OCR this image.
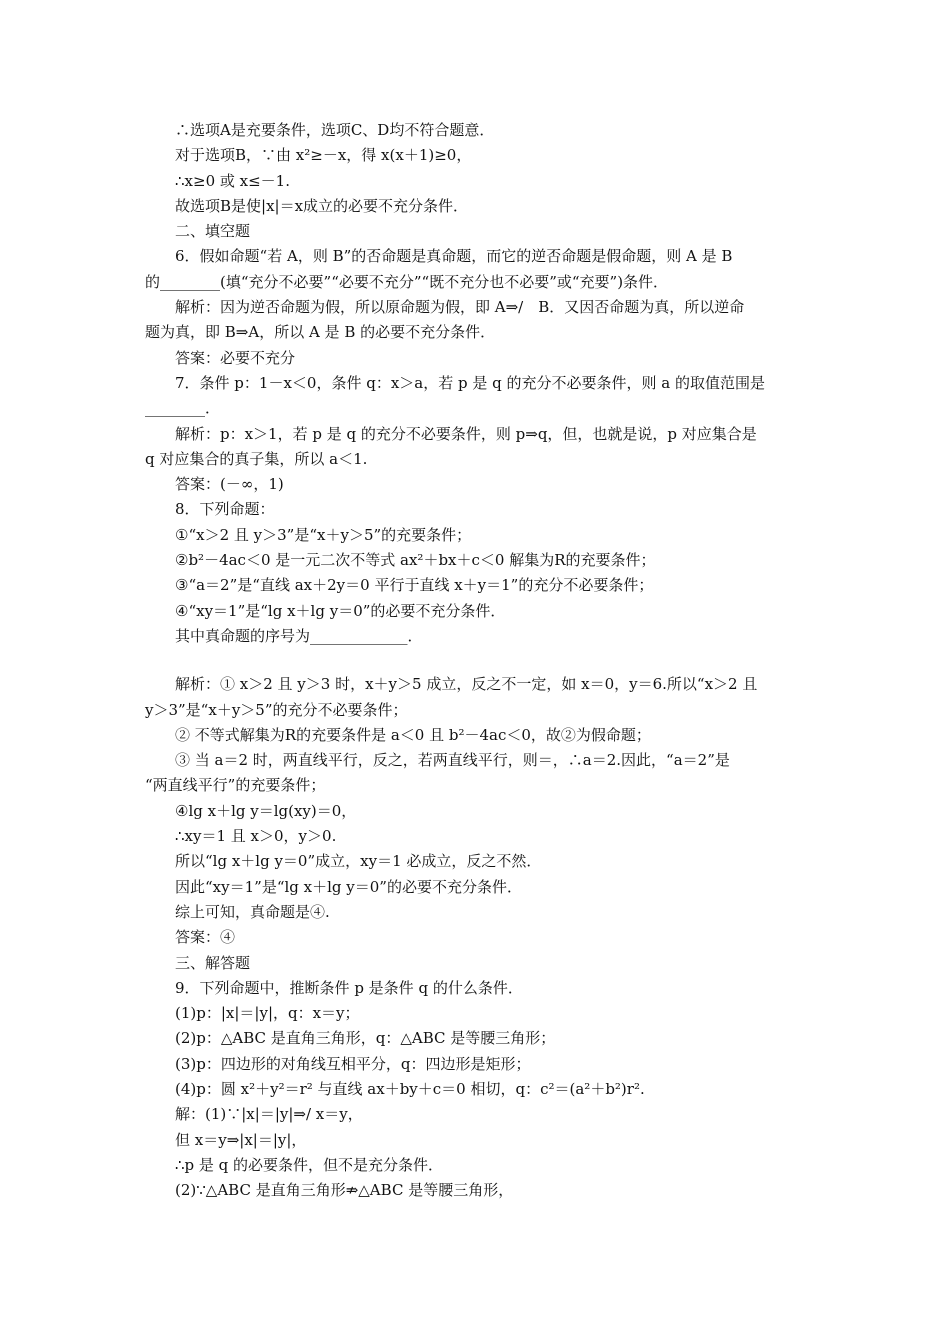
∴选项A是充要条件，选项C、D均不符合题意．
对于选项B，∵由 x²≥－x，得 x(x＋1)≥0，
∴x≥0 或 x≤－1.
故选项B是使|x|＝x成立的必要不充分条件．
二、填空题
6．假如命题“若 A，则 B”的否命题是真命题，而它的逆否命题是假命题，则 A 是 B
的________(填“充分不必要”“必要不充分”“既不充分也不必要”或“充要”)条件．
解析：因为逆否命题为假，所以原命题为假，即 A⇒/　B．又因否命题为真，所以逆命
题为真，即 B⇒A，所以 A 是 B 的必要不充分条件．
答案：必要不充分
7．条件 p：1－x＜0，条件 q：x＞a，若 p 是 q 的充分不必要条件，则 a 的取值范围是
________．
解析：p：x＞1，若 p 是 q 的充分不必要条件，则 p⇒q，但，也就是说，p 对应集合是
q 对应集合的真子集，所以 a＜1.
答案：(－∞，1)
8．下列命题：
①“x＞2 且 y＞3”是“x＋y＞5”的充要条件；
②b²－4ac＜0 是一元二次不等式 ax²＋bx＋c＜0 解集为R的充要条件；
③“a＝2”是“直线 ax＋2y＝0 平行于直线 x＋y＝1”的充分不必要条件；
④“xy＝1”是“lg x＋lg y＝0”的必要不充分条件．
其中真命题的序号为_____________．
解析：① x＞2 且 y＞3 时，x＋y＞5 成立，反之不一定，如 x＝0，y＝6.所以“x＞2 且
y＞3”是“x＋y＞5”的充分不必要条件；
② 不等式解集为R的充要条件是 a＜0 且 b²－4ac＜0，故②为假命题；
③ 当 a＝2 时，两直线平行，反之，若两直线平行，则＝，∴a＝2.因此，“a＝2”是
“两直线平行”的充要条件；
④lg x＋lg y＝lg(xy)＝0，
∴xy＝1 且 x＞0，y＞0.
所以“lg x＋lg y＝0”成立，xy＝1 必成立，反之不然．
因此“xy＝1”是“lg x＋lg y＝0”的必要不充分条件．
综上可知，真命题是④.
答案：④
三、解答题
9．下列命题中，推断条件 p 是条件 q 的什么条件．
(1)p：|x|＝|y|，q：x＝y；
(2)p：△ABC 是直角三角形，q：△ABC 是等腰三角形；
(3)p：四边形的对角线互相平分，q：四边形是矩形；
(4)p：圆 x²＋y²＝r² 与直线 ax＋by＋c＝0 相切，q：c²＝(a²＋b²)r².
解：(1)∵|x|＝|y|⇒/ x＝y，
但 x＝y⇒|x|＝|y|，
∴p 是 q 的必要条件，但不是充分条件．
(2)∵△ABC 是直角三角形⇏△ABC 是等腰三角形，
